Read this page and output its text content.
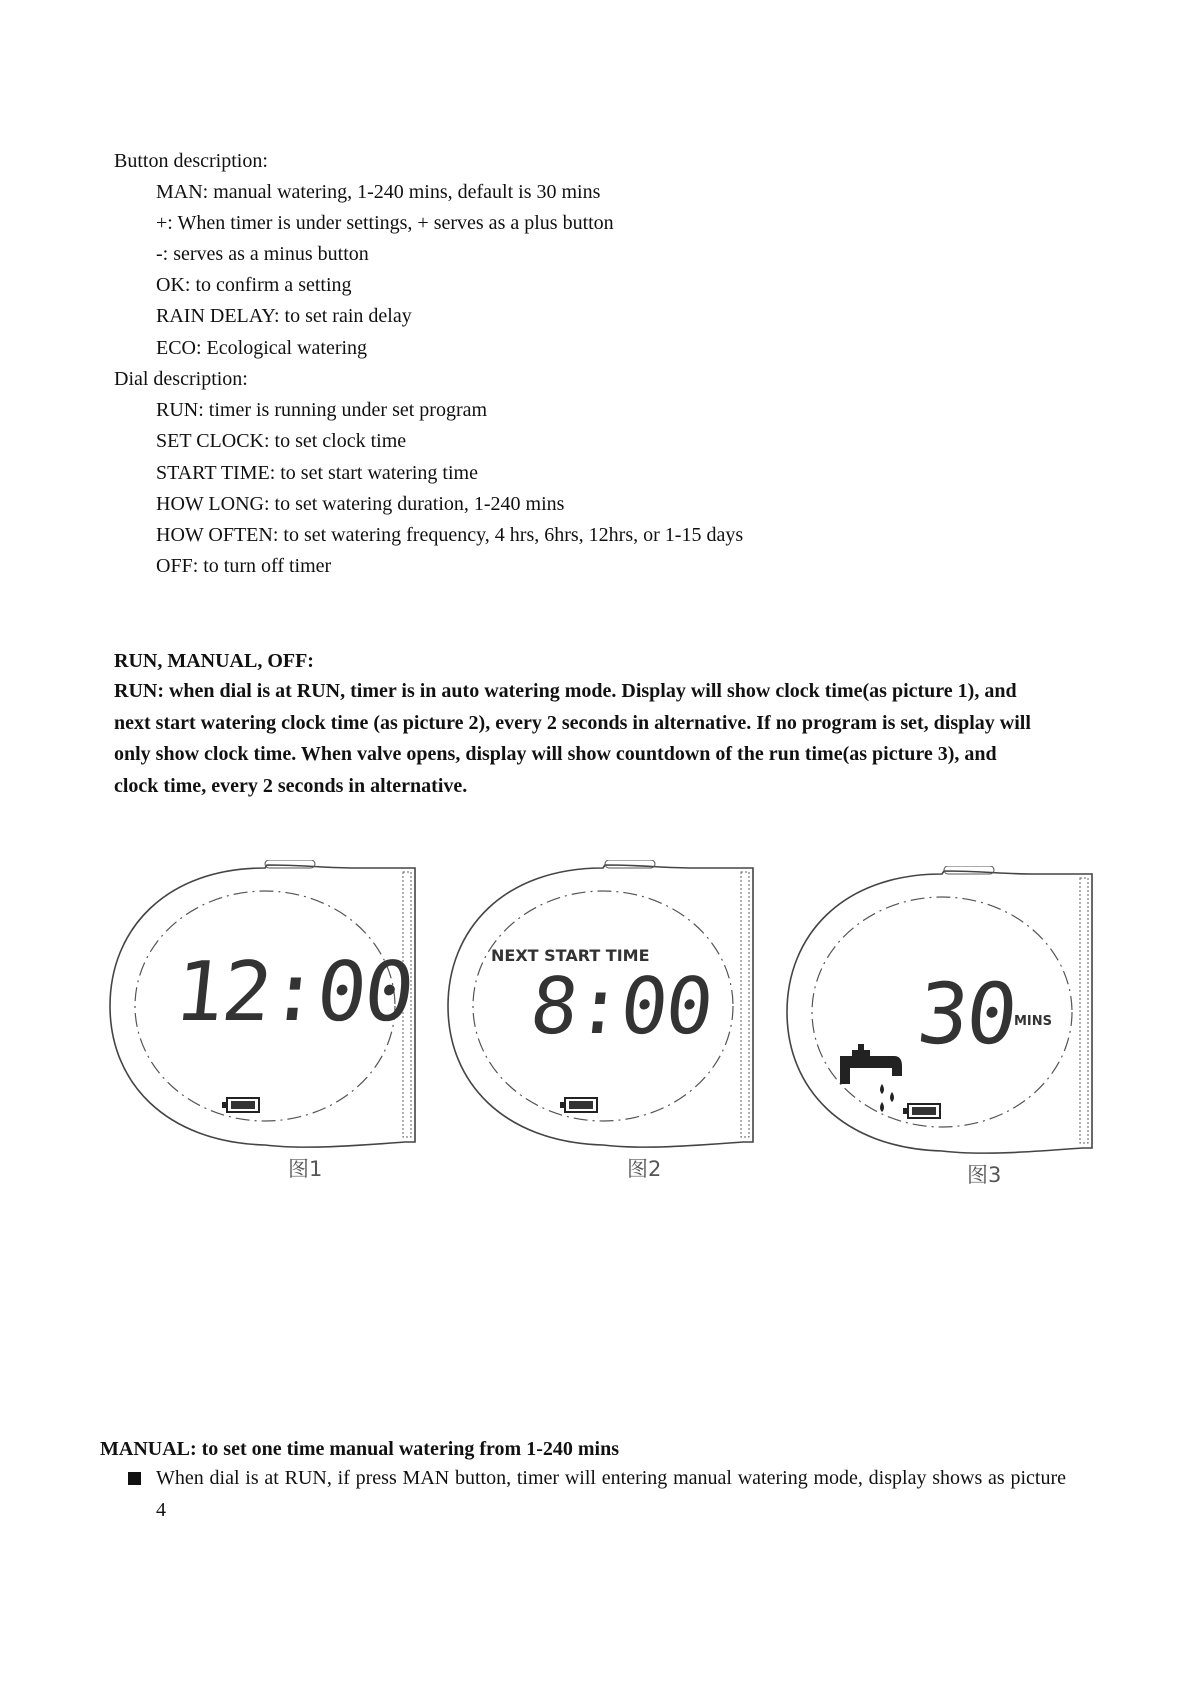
Button description:
MAN: manual watering, 1-240 mins, default is 30 mins
+: When timer is under settings, + serves as a plus button
-: serves as a minus button
OK: to confirm a setting
RAIN DELAY: to set rain delay
ECO: Ecological watering
Dial description:
RUN: timer is running under set program
SET CLOCK: to set clock time
START TIME: to set start watering time
HOW LONG: to set watering duration, 1-240 mins
HOW OFTEN: to set watering frequency, 4 hrs, 6hrs, 12hrs, or 1-15 days
OFF: to turn off timer
RUN, MANUAL, OFF:
RUN: when dial is at RUN, timer is in auto watering mode. Display will show clock time(as picture 1), and next start watering clock time (as picture 2), every 2 seconds in alternative. If no program is set, display will only show clock time. When valve opens, display will show countdown of the run time(as picture 3), and clock time, every 2 seconds in alternative.
12:00
图1
NEXT START TIME
8:00
图2
30
MINS
图3
MANUAL: to set one time manual watering from 1-240 mins
When dial is at RUN, if press MAN button, timer will entering manual watering mode, display shows as picture 4
